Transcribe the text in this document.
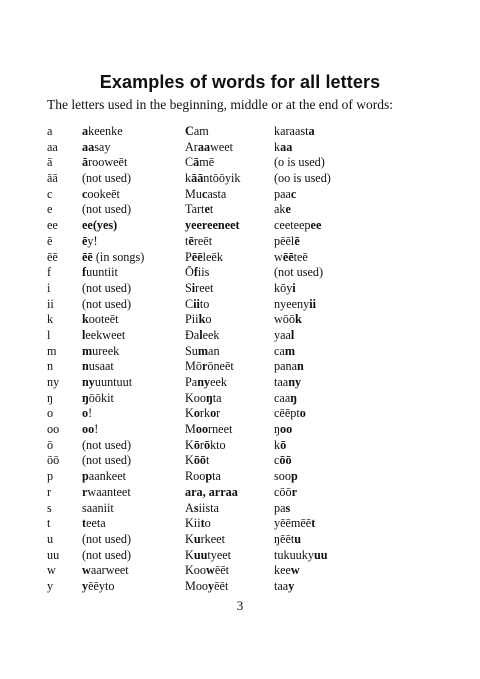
Examples of words for all letters
The letters used in the beginning, middle or at the end of words:
a akeenke	Cam	karaasta
aa aasay	Araaweet	kaa
ā ārooweēt	Cāmē	(o is used)
āā (not used)	kāāntōōyik	(oo is used)
c cookeēt	Mucasta	paac
e (not used)	Tartet	ake
ee ee(yes)	yeereeneet	ceeteepee
ē ēy!	tēreēt	pēēlē
ēē ēē (in songs)	Pēēleēk	wēēteē
f	fuuntiit	Ōfiis	(not used)
i	(not used)	Sireet	kōyi
ii (not used)	Ciito	nyeenyii
k kooteēt	Piiko	wōōk
l	leekweet	Ɖaleek	yaal
m mureek	Suman	cam
n nusaat	Mōrōneēt	panan
ny nyuuntuut	Panyeek	taany
ŋ ŋōōkit	Kooŋta	caaŋ
o o!	Korkor	cēēpto
oo oo!	Moorneet	ŋoo
ō (not used)	Kōrōkto	kō
ōō (not used)	Kōōt	cōō
p paankeet	Roopta	soop
r	rwaanteet	ara, arraa	cōōr
s saaniit	Asiista	pas
t	teeta	Kiito	yēēmēēt
u (not used)	Kurkeet	ŋēētu
uu (not used)	Kuutyeet	tukuukyuu
w waarweet	Koowēēt	keew
y yēēyto	Mooyēēt	taay
3
